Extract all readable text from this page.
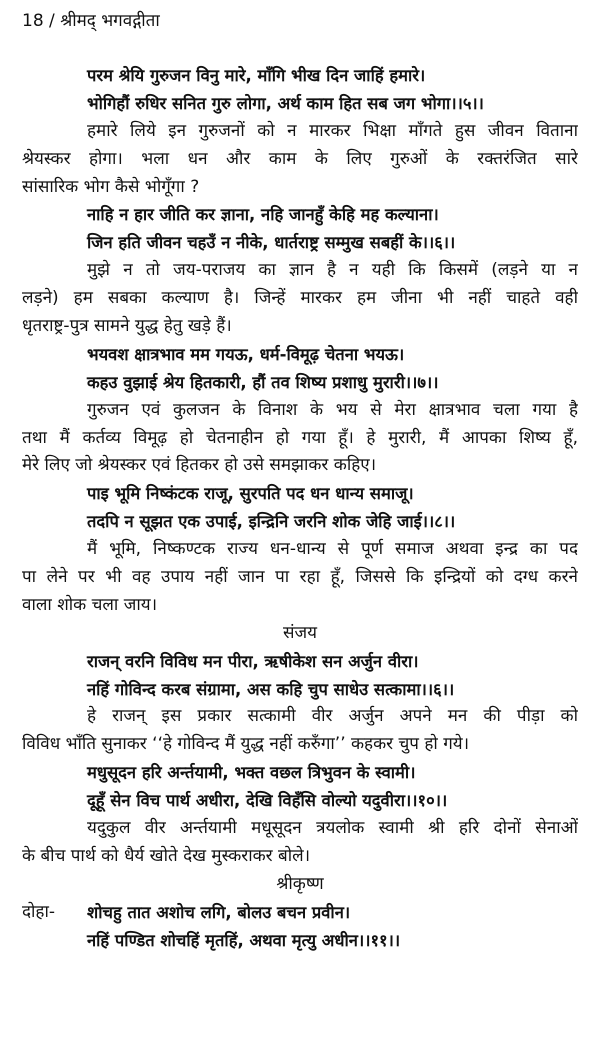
18 / श्रीमद् भगवद्गीता
परम श्रेयि गुरुजन विनु मारे, माँगि भीख दिन जाहिं हमारे।
भोगिहौं रुधिर सनित गुरु लोगा, अर्थ काम हित सब जग भोगा।।५।।
हमारे लिये इन गुरुजनों को न मारकर भिक्षा माँगते हुस जीवन विताना
श्रेयस्कर होगा। भला धन और काम के लिए गुरुओं के रक्तरंजित सारे
सांसारिक भोग कैसे भोगूँगा ?
नाहि न हार जीति कर ज्ञाना, नहि जानहुँ केहि मह कल्याना।
जिन हति जीवन चहउँ न नीके, धार्तराष्ट्र सम्मुख सबहीं के।।६।।
मुझे न तो जय-पराजय का ज्ञान है न यही कि किसमें (लड़ने या न
लड़ने) हम सबका कल्याण है। जिन्हें मारकर हम जीना भी नहीं चाहते वही
धृतराष्ट्र-पुत्र सामने युद्ध हेतु खड़े हैं।
भयवश क्षात्रभाव मम गयऊ, धर्म-विमूढ़ चेतना भयऊ।
कहउ वुझाई श्रेय हितकारी, हौं तव शिष्य प्रशाधु मुरारी।।७।।
गुरुजन एवं कुलजन के विनाश के भय से मेरा क्षात्रभाव चला गया है
तथा मैं कर्तव्य विमूढ़ हो चेतनाहीन हो गया हूँ। हे मुरारी, मैं आपका शिष्य हूँ,
मेरे लिए जो श्रेयस्कर एवं हितकर हो उसे समझाकर कहिए।
पाइ भूमि निष्कंटक राजू, सुरपति पद धन धान्य समाजू।
तदपि न सूझत एक उपाई, इन्द्रिनि जरनि शोक जेहि जाई।।८।।
मैं भूमि, निष्कण्टक राज्य धन-धान्य से पूर्ण समाज अथवा इन्द्र का पद
पा लेने पर भी वह उपाय नहीं जान पा रहा हूँ, जिससे कि इन्द्रियों को दग्ध करने
वाला शोक चला जाय।
संजय
राजन् वरनि विविध मन पीरा, ऋषीकेश सन अर्जुन वीरा।
नहिं गोविन्द करब संग्रामा, अस कहि चुप साधेउ सत्कामा।।६।।
हे राजन् इस प्रकार सत्कामी वीर अर्जुन अपने मन की पीड़ा को
विविध भाँति सुनाकर ‘‘हे गोविन्द मैं युद्ध नहीं करुँगा’’ कहकर चुप हो गये।
मधुसूदन हरि अर्न्तयामी, भक्त वछल त्रिभुवन के स्वामी।
दूहूँ सेन विच पार्थ अधीरा, देखि विहँसि वोल्यो यदुवीरा।।१०।।
यदुकुल वीर अर्न्तयामी मधूसूदन त्रयलोक स्वामी श्री हरि दोनों सेनाओं
के बीच पार्थ को धैर्य खोते देख मुस्कराकर बोले।
श्रीकृष्ण
दोहा-	शोचहु तात अशोच लगि, बोलउ बचन प्रवीन।
नहिं पण्डित शोचहिं मृतहिं, अथवा मृत्यु अधीन।।११।।
